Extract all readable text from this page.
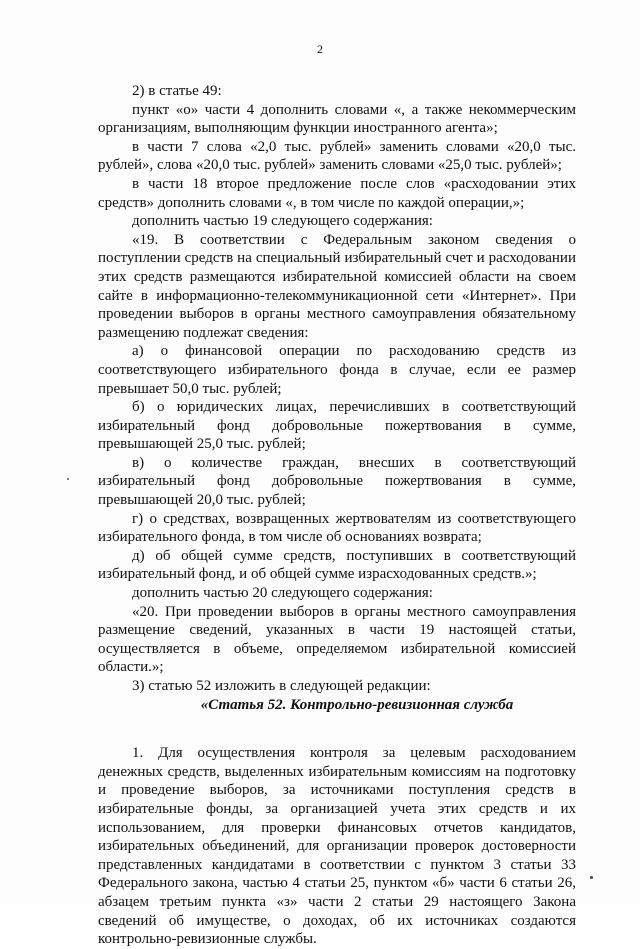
2

2) в статье 49:

пункт «о» части 4 дополнить словами «, а также некоммерческим организациям, выполняющим функции иностранного агента»;

в части 7 слова «2,0 тыс. рублей» заменить словами «20,0 тыс. рублей», слова «20,0 тыс. рублей» заменить словами «25,0 тыс. рублей»;

в части 18 второе предложение после слов «расходовании этих средств» дополнить словами «, в том числе по каждой операции,»;

дополнить частью 19 следующего содержания:

«19. В соответствии с Федеральным законом сведения о поступлении средств на специальный избирательный счет и расходовании этих средств размещаются избирательной комиссией области на своем сайте в информационно-телекоммуникационной сети «Интернет». При проведении выборов в органы местного самоуправления обязательному размещению подлежат сведения:

а) о финансовой операции по расходованию средств из соответствующего избирательного фонда в случае, если ее размер превышает 50,0 тыс. рублей;

б) о юридических лицах, перечисливших в соответствующий избирательный фонд добровольные пожертвования в сумме, превышающей 25,0 тыс. рублей;

в) о количестве граждан, внесших в соответствующий избирательный фонд добровольные пожертвования в сумме, превышающей 20,0 тыс. рублей;

г) о средствах, возвращенных жертвователям из соответствующего избирательного фонда, в том числе об основаниях возврата;

д) об общей сумме средств, поступивших в соответствующий избирательный фонд, и об общей сумме израсходованных средств.»;

дополнить частью 20 следующего содержания:

«20. При проведении выборов в органы местного самоуправления размещение сведений, указанных в части 19 настоящей статьи, осуществляется в объеме, определяемом избирательной комиссией области.»;

3) статью 52 изложить в следующей редакции:

«Статья 52. Контрольно-ревизионная служба

1. Для осуществления контроля за целевым расходованием денежных средств, выделенных избирательным комиссиям на подготовку и проведение выборов, за источниками поступления средств в избирательные фонды, за организацией учета этих средств и их использованием, для проверки финансовых отчетов кандидатов, избирательных объединений, для организации проверок достоверности представленных кандидатами в соответствии с пунктом 3 статьи 33 Федерального закона, частью 4 статьи 25, пунктом «б» части 6 статьи 26, абзацем третьим пункта «з» части 2 статьи 29 настоящего Закона сведений об имуществе, о доходах, об их источниках создаются контрольно-ревизионные службы.
